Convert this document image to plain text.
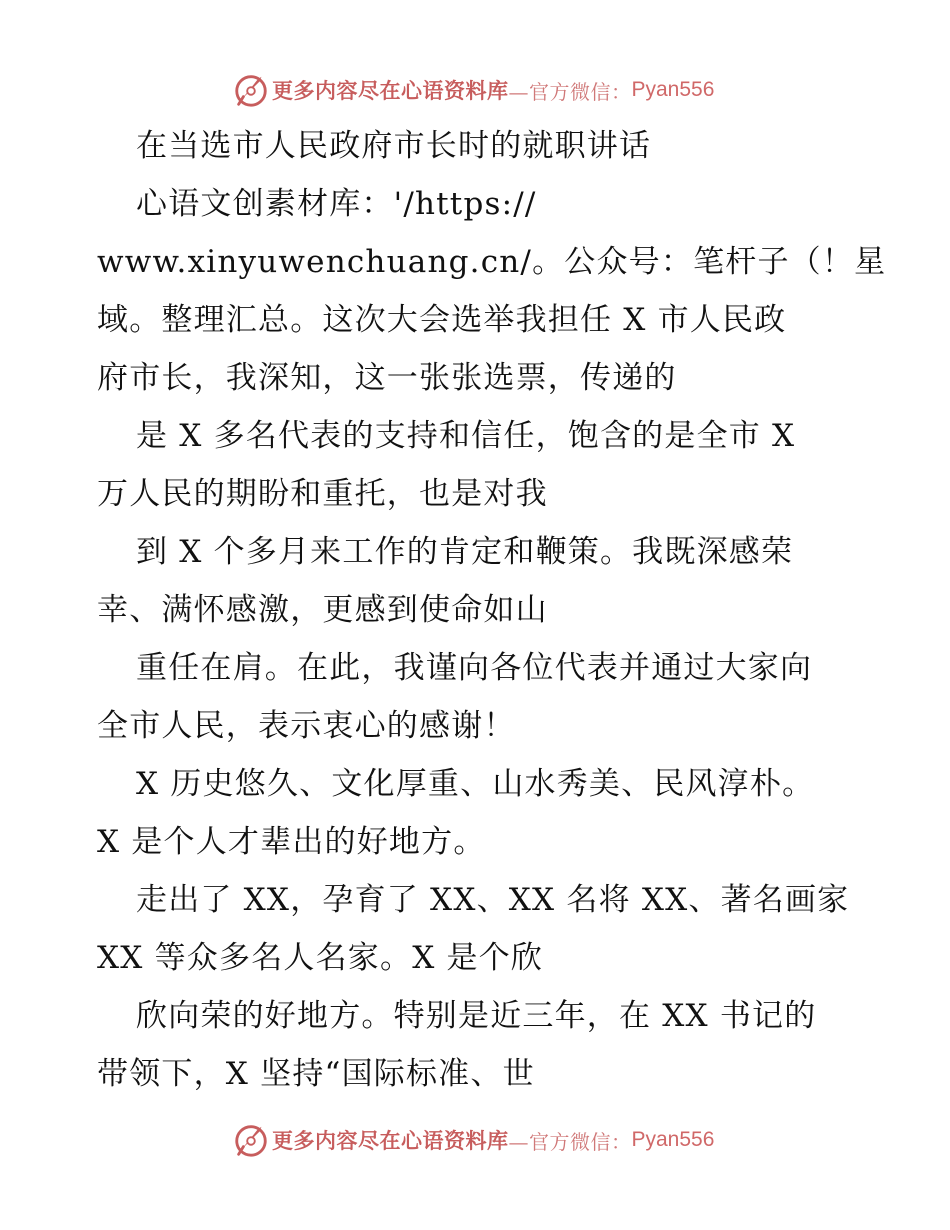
更多内容尽在心语资料库 —官方微信： Pyan556
在当选市人民政府市长时的就职讲话
心语文创素材库：'/https://
www.xinyuwenchuang.cn/。公众号：笔杆子（！星
域。整理汇总。这次大会选举我担任 X 市人民政
府市长，我深知，这一张张选票，传递的
是 X 多名代表的支持和信任，饱含的是全市 X
万人民的期盼和重托，也是对我
到 X 个多月来工作的肯定和鞭策。我既深感荣
幸、满怀感激，更感到使命如山
重任在肩。在此，我谨向各位代表并通过大家向
全市人民，表示衷心的感谢！
X 历史悠久、文化厚重、山水秀美、民风淳朴。
X 是个人才辈出的好地方。
走出了 XX，孕育了 XX、XX 名将 XX、著名画家
XX 等众多名人名家。X 是个欣
欣向荣的好地方。特别是近三年，在 XX 书记的
带领下，X 坚持“国际标准、世
更多内容尽在心语资料库 —官方微信： Pyan556
